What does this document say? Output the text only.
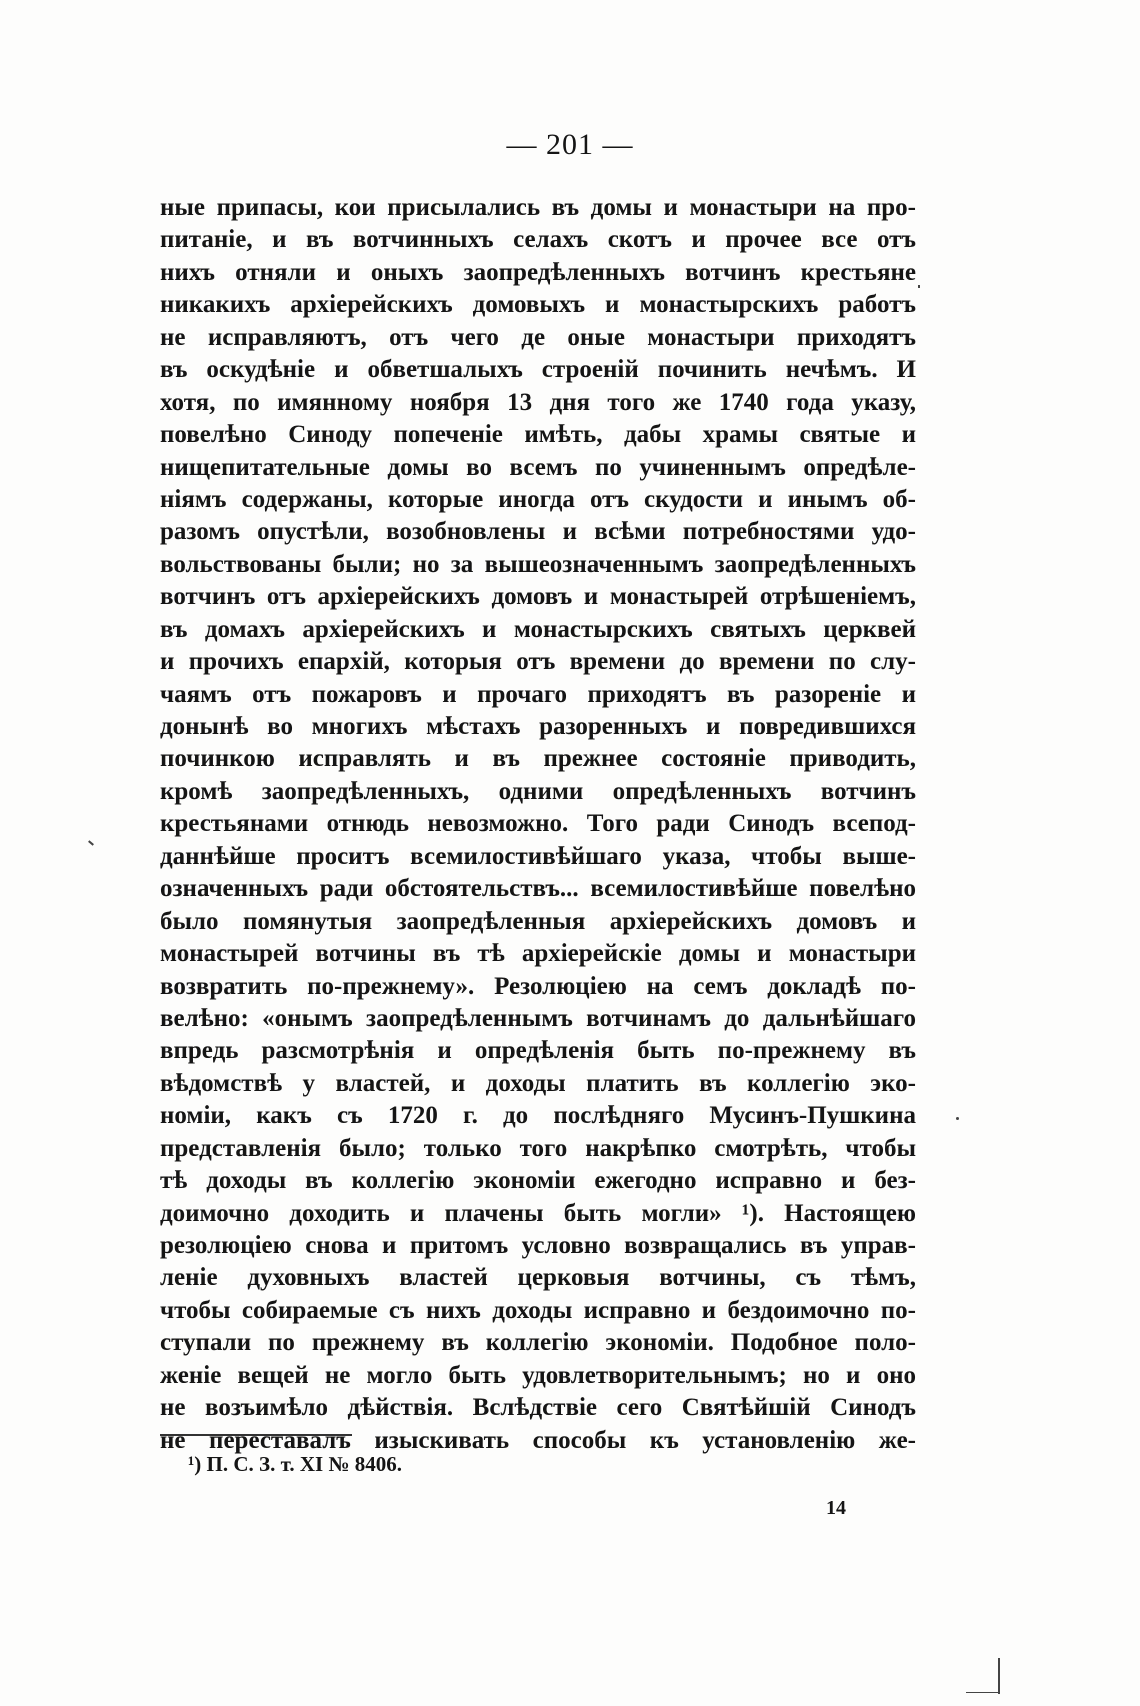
— 201 —
ные припасы, кои присылались въ домы и монастыри на про-
питаніе, и въ вотчинныхъ селахъ скотъ и прочее все отъ
нихъ отняли и оныхъ заопредѣленныхъ вотчинъ крестьяне
никакихъ архіерейскихъ домовыхъ и монастырскихъ работъ
не исправляютъ, отъ чего де оные монастыри приходятъ
въ оскудѣніе и обветшалыхъ строеній починить нечѣмъ. И
хотя, по имянному ноября 13 дня того же 1740 года указу,
повелѣно Синоду попеченіе имѣть, дабы храмы святые и
нищепитательные домы во всемъ по учиненнымъ опредѣле-
ніямъ содержаны, которые иногда отъ скудости и инымъ об-
разомъ опустѣли, возобновлены и всѣми потребностями удо-
вольствованы были; но за вышеозначеннымъ заопредѣленныхъ
вотчинъ отъ архіерейскихъ домовъ и монастырей отрѣшеніемъ,
въ домахъ архіерейскихъ и монастырскихъ святыхъ церквей
и прочихъ епархій, которыя отъ времени до времени по слу-
чаямъ отъ пожаровъ и прочаго приходятъ въ разореніе и
донынѣ во многихъ мѣстахъ разоренныхъ и повредившихся
починкою исправлять и въ прежнее состояніе приводить,
кромѣ заопредѣленныхъ, одними опредѣленныхъ вотчинъ
крестьянами отнюдь невозможно. Того ради Синодъ всепод-
даннѣйше проситъ всемилостивѣйшаго указа, чтобы выше-
означенныхъ ради обстоятельствъ... всемилостивѣйше повелѣно
было помянутыя заопредѣленныя архіерейскихъ домовъ и
монастырей вотчины въ тѣ архіерейскіе домы и монастыри
возвратить по-прежнему». Резолюціею на семъ докладѣ по-
велѣно: «онымъ заопредѣленнымъ вотчинамъ до дальнѣйшаго
впредь разсмотрѣнія и опредѣленія быть по-прежнему въ
вѣдомствѣ у властей, и доходы платить въ коллегію эко-
номіи, какъ съ 1720 г. до послѣдняго Мусинъ-Пушкина
представленія было; только того накрѣпко смотрѣть, чтобы
тѣ доходы въ коллегію экономіи ежегодно исправно и без-
доимочно доходить и плачены быть могли» ¹). Настоящею
резолюціею снова и притомъ условно возвращались въ управ-
леніе духовныхъ властей церковыя вотчины, съ тѣмъ,
чтобы собираемые съ нихъ доходы исправно и бездоимочно по-
ступали по прежнему въ коллегію экономіи. Подобное поло-
женіе вещей не могло быть удовлетворительнымъ; но и оно
не возъимѣло дѣйствія. Вслѣдствіе сего Святѣйшій Синодъ
не переставалъ изыскивать способы къ установленію же-
¹) П. С. З. т. XI № 8406.
14
